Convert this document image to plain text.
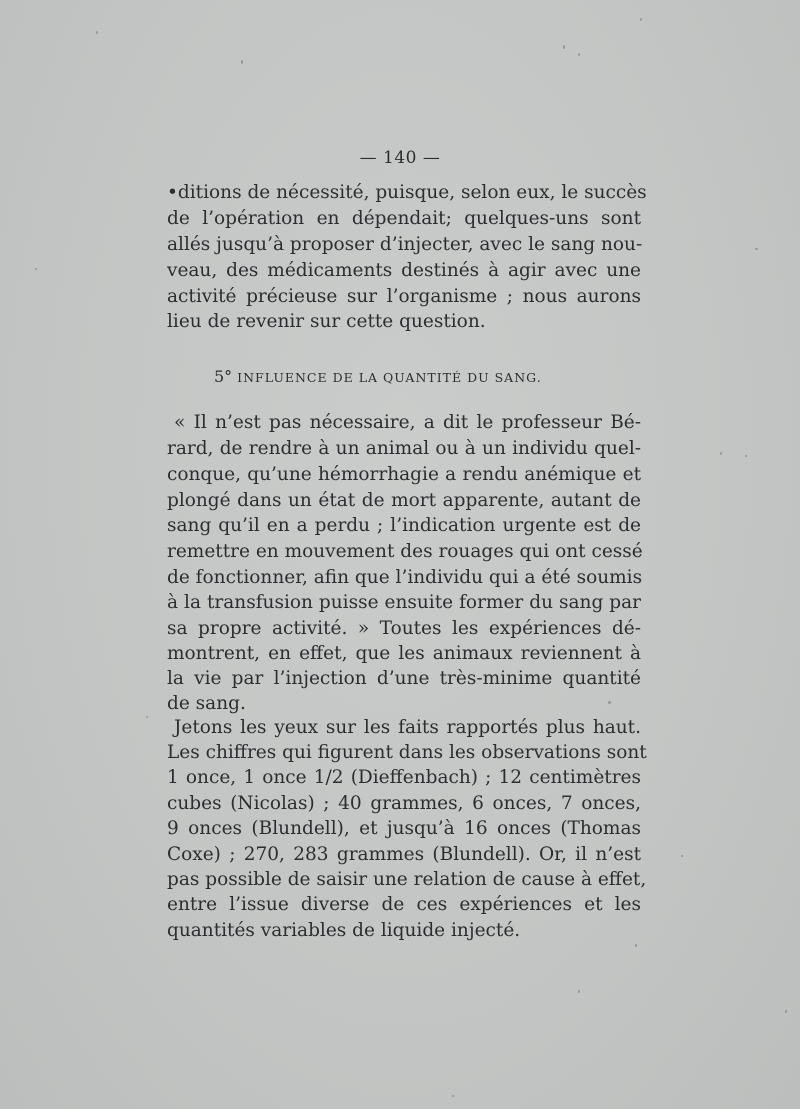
— 140 —
•ditions de nécessité, puisque, selon eux, le succès
de l’opération en dépendait; quelques-uns sont
allés jusqu’à proposer d’injecter, avec le sang nou-
veau, des médicaments destinés à agir avec une
activité précieuse sur l’organisme ; nous aurons
lieu de revenir sur cette question.
5° INFLUENCE DE LA QUANTITÉ DU SANG.
« Il n’est pas nécessaire, a dit le professeur Bé-
rard, de rendre à un animal ou à un individu quel-
conque, qu’une hémorrhagie a rendu anémique et
plongé dans un état de mort apparente, autant de
sang qu’il en a perdu ; l’indication urgente est de
remettre en mouvement des rouages qui ont cessé
de fonctionner, afin que l’individu qui a été soumis
à la transfusion puisse ensuite former du sang par
sa propre activité. » Toutes les expériences dé-
montrent, en effet, que les animaux reviennent à
la vie par l’injection d’une très-minime quantité
de sang.
Jetons les yeux sur les faits rapportés plus haut.
Les chiffres qui figurent dans les observations sont
1 once, 1 once 1/2 (Dieffenbach) ; 12 centimètres
cubes (Nicolas) ; 40 grammes, 6 onces, 7 onces,
9 onces (Blundell), et jusqu’à 16 onces (Thomas
Coxe) ; 270, 283 grammes (Blundell). Or, il n’est
pas possible de saisir une relation de cause à effet,
entre l’issue diverse de ces expériences et les
quantités variables de liquide injecté.
